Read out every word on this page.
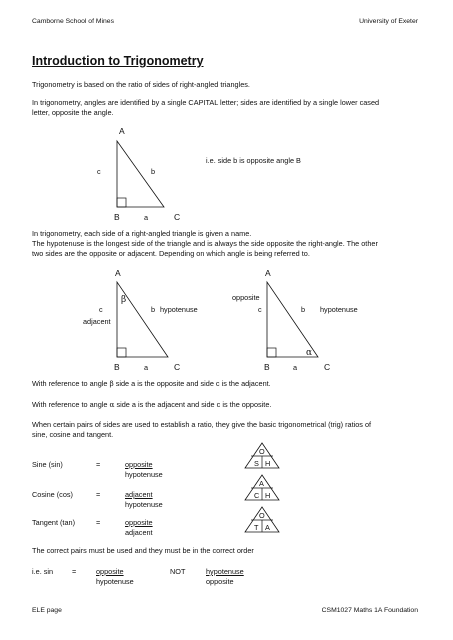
Camborne School of Mines	University of Exeter
Introduction to Trigonometry
Trigonometry is based on the ratio of sides of right-angled triangles.
In trigonometry, angles are identified by a single CAPITAL letter; sides are identified by a single lower cased
letter, opposite the angle.
A
c	b
B	a	C
A
β
c	b hypotenuse
adjacent
B	a	C
A
opposite
c	b hypotenuse
α
B	a	C
O
S H
A
C H
O
T A
i.e. side b is opposite angle B
In trigonometry, each side of a right-angled triangle is given a name.
The hypotenuse is the longest side of the triangle and is always the side opposite the right-angle. The other
two sides are the opposite or adjacent. Depending on which angle is being referred to.
With reference to angle β side a is the opposite and side c is the adjacent.
With reference to angle α side a is the adjacent and side c is the opposite.
When certain pairs of sides are used to establish a ratio, they give the basic trigonometrical (trig) ratios of
sine, cosine and tangent.
Sine (sin)	=	opposite
hypotenuse
Cosine (cos)	=	adjacent
hypotenuse
Tangent (tan)	=	opposite
adjacent
The correct pairs must be used and they must be in the correct order
i.e. sin	=	opposite
hypotenuse
NOT	hypotenuse
opposite
ELE page	CSM1027 Maths 1A Foundation
